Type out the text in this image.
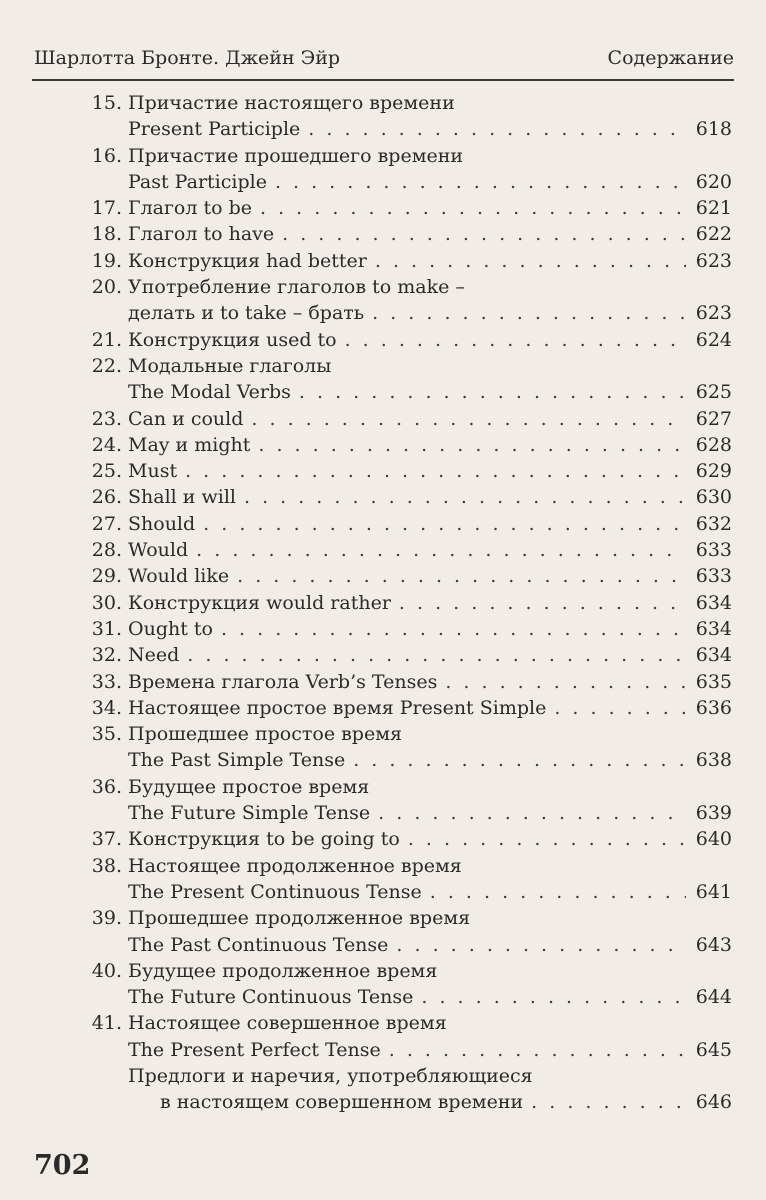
Шарлотта Бронте. Джейн Эйр	Содержание
15. Причастие настоящего времени
Present Participle . . .	618
16. Причастие прошедшего времени
Past Participle . . .	620
17. Глагол to be . . .	621
18. Глагол to have . . .	622
19. Конструкция had better . . .	623
20. Употребление глаголов to make –
делать и to take – брать . . .	623
21. Конструкция used to . . .	624
22. Модальные глаголы
The Modal Verbs . . .	625
23. Can и could . . .	627
24. May и might . . .	628
25. Must . . .	629
26. Shall и will . . .	630
27. Should . . .	632
28. Would . . .	633
29. Would like . . .	633
30. Конструкция would rather . . .	634
31. Ought to . . .	634
32. Need . . .	634
33. Времена глагола Verb’s Tenses . . .	635
34. Настоящее простое время Present Simple . . .	636
35. Прошедшее простое время
The Past Simple Tense . . .	638
36. Будущее простое время
The Future Simple Tense . . .	639
37. Конструкция to be going to . . .	640
38. Настоящее продолженное время
The Present Continuous Tense . . .	641
39. Прошедшее продолженное время
The Past Continuous Tense . . .	643
40. Будущее продолженное время
The Future Continuous Tense . . .	644
41. Настоящее совершенное время
The Present Perfect Tense . . .	645
Предлоги и наречия, употребляющиеся
в настоящем совершенном времени . . .	646
702
